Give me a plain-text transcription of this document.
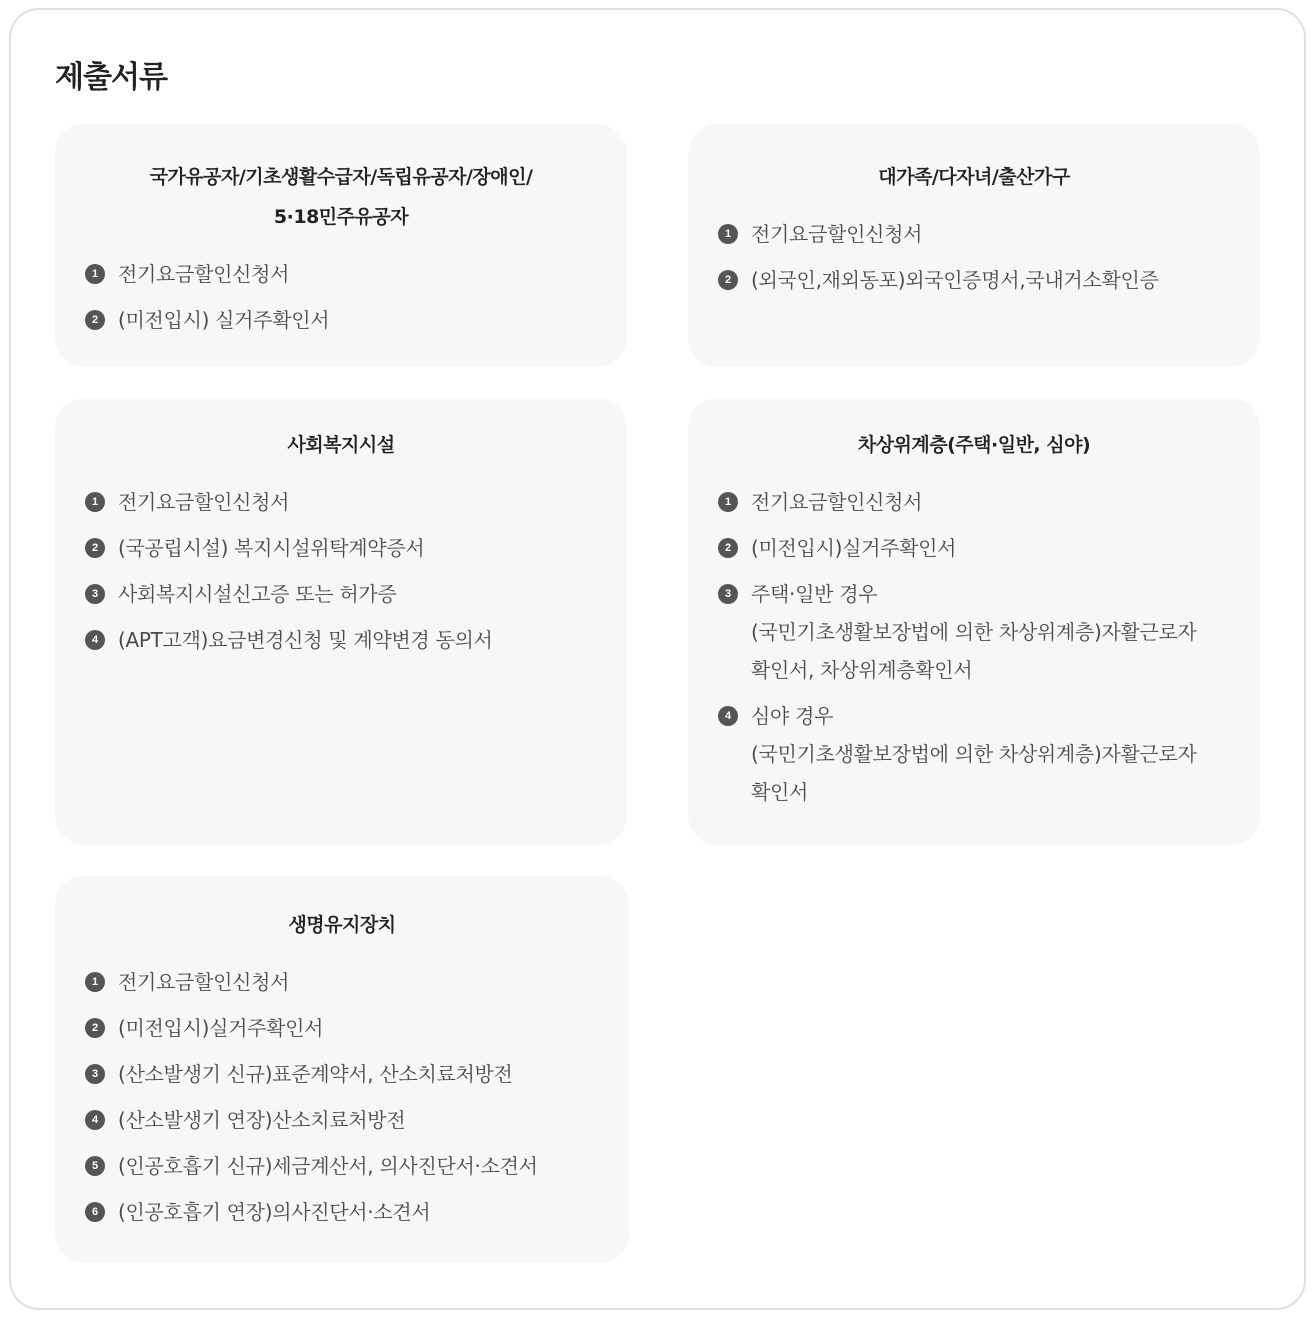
제출서류
국가유공자/기초생활수급자/독립유공자/장애인/
5·18민주유공자
1 전기요금할인신청서
2 (미전입시) 실거주확인서
대가족/다자녀/출산가구
1 전기요금할인신청서
2 (외국인,재외동포)외국인증명서,국내거소확인증
사회복지시설
1 전기요금할인신청서
2 (국공립시설) 복지시설위탁계약증서
3 사회복지시설신고증 또는 허가증
4 (APT고객)요금변경신청 및 계약변경 동의서
차상위계층(주택·일반, 심야)
1 전기요금할인신청서
2 (미전입시)실거주확인서
3 주택·일반 경우
(국민기초생활보장법에 의한 차상위계층)자활근로자
확인서, 차상위계층확인서
4 심야 경우
(국민기초생활보장법에 의한 차상위계층)자활근로자
확인서
생명유지장치
1 전기요금할인신청서
2 (미전입시)실거주확인서
3 (산소발생기 신규)표준계약서, 산소치료처방전
4 (산소발생기 연장)산소치료처방전
5 (인공호흡기 신규)세금계산서, 의사진단서·소견서
6 (인공호흡기 연장)의사진단서·소견서
